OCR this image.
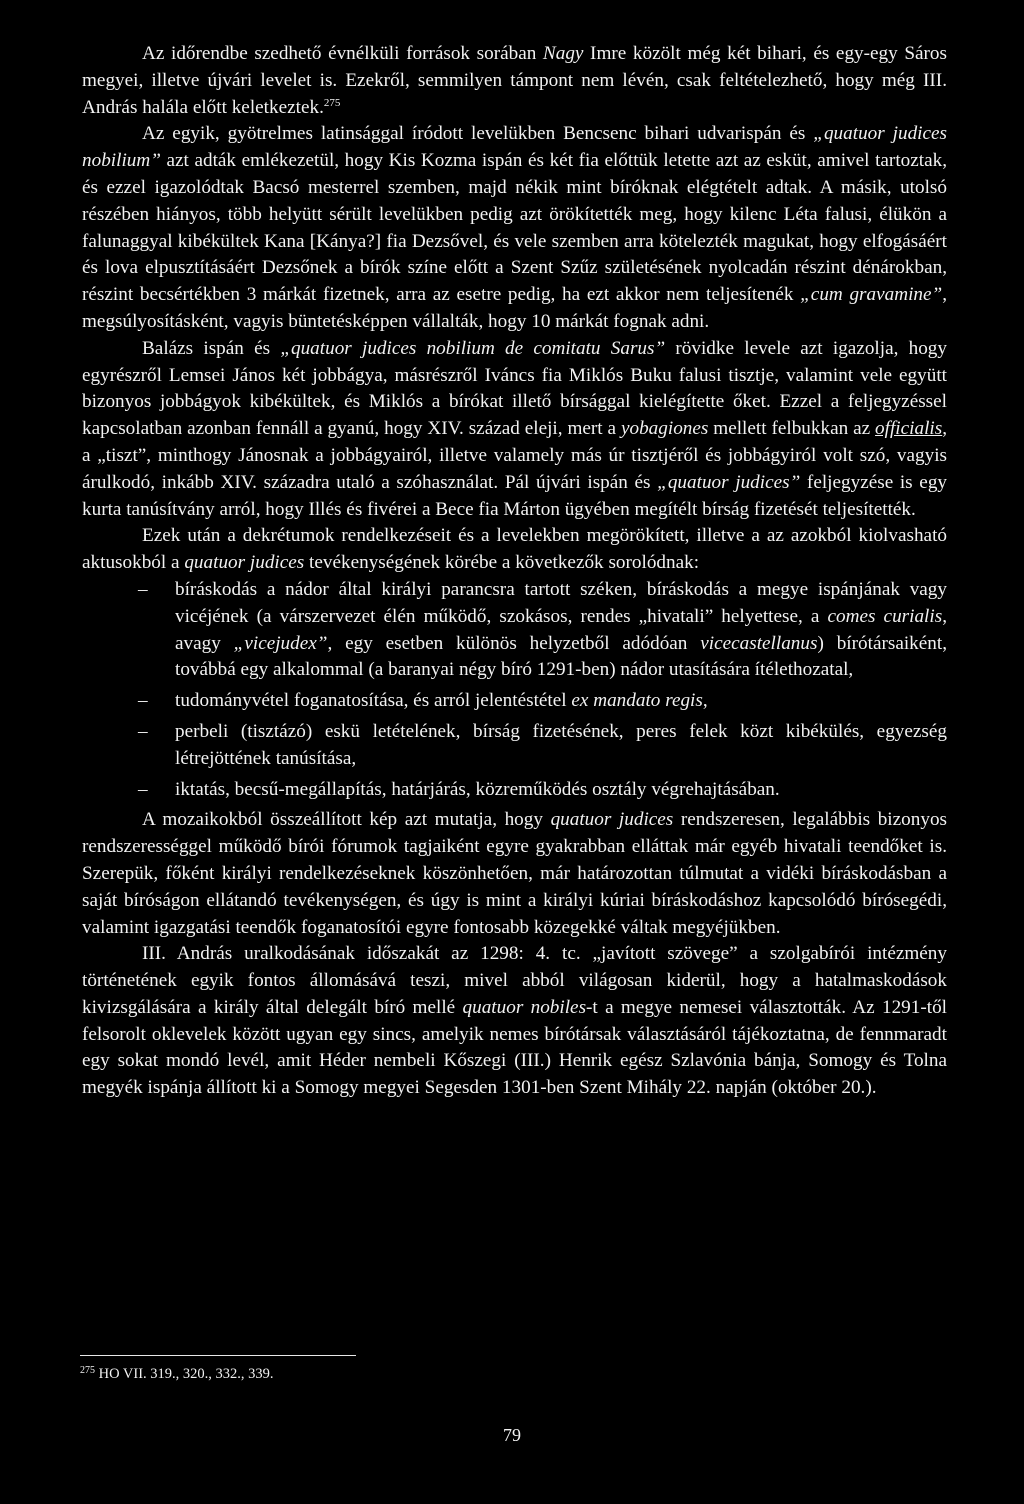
Az időrendbe szedhető évnélküli források sorában Nagy Imre közölt még két bihari, és egy-egy Sáros megyei, illetve újvári levelet is. Ezekről, semmilyen támpont nem lévén, csak feltételezhető, hogy még III. András halála előtt keletkeztek.$^{275}$

Az egyik, gyötrelmes latinsággal íródott levelükben Bencsenc bihari udvarispán és „quatuor judices nobilium” azt adták emlékezetül, hogy Kis Kozma ispán és két fia előttük letette azt az esküt, amivel tartoztak, és ezzel igazolódtak Bacsó mesterrel szemben, majd nékik mint bíróknak elégtételt adtak. A másik, utolsó részében hiányos, több helyütt sérült levelükben pedig azt örökítették meg, hogy kilenc Léta falusi, élükön a falunaggyal kibékültek Kana [Kánya?] fia Dezsővel, és vele szemben arra kötelezték magukat, hogy elfogásáért és lova elpusztításáért Dezsőnek a bírók színe előtt a Szent Szűz születésének nyolcadán részint dénárokban, részint becsértékben 3 márkát fizetnek, arra az esetre pedig, ha ezt akkor nem teljesítenék „cum gravamine”, megsúlyosításként, vagyis büntetésképpen vállalták, hogy 10 márkát fognak adni.

Balázs ispán és „quatuor judices nobilium de comitatu Sarus” rövidke levele azt igazolja, hogy egyrészről Lemsei János két jobbágya, másrészről Iváncs fia Miklós Buku falusi tisztje, valamint vele együtt bizonyos jobbágyok kibékültek, és Miklós a bírókat illető bírsággal kielégítette őket. Ezzel a feljegyzéssel kapcsolatban azonban fennáll a gyanú, hogy XIV. század eleji, mert a yobagiones mellett felbukkan az officialis, a „tiszt”, minthogy Jánosnak a jobbágyairól, illetve valamely más úr tisztjéről és jobbágyiról volt szó, vagyis árulkodó, inkább XIV. századra utaló a szóhasználat. Pál újvári ispán és „quatuor judices” feljegyzése is egy kurta tanúsítvány arról, hogy Illés és fivérei a Bece fia Márton ügyében megítélt bírság fizetését teljesítették.

Ezek után a dekrétumok rendelkezéseit és a levelekben megörökített, illetve a az azokból kiolvasható aktusokból a quatuor judices tevékenységének körébe a következők sorolódnak:

– bíráskodás a nádor által királyi parancsra tartott széken, bíráskodás a megye ispánjának vagy vicéjének (a várszervezet élén működő, szokásos, rendes „hivatali” helyettese, a comes curialis, avagy „vicejudex”, egy esetben különös helyzetből adódóan vicecastellanus) bírótársaiként, továbbá egy alkalommal (a baranyai négy bíró 1291-ben) nádor utasítására ítélethozatal,
– tudományvétel foganatosítása, és arról jelentéstétel ex mandato regis,
– perbeli (tisztázó) eskü letételének, bírság fizetésének, peres felek közt kibékülés, egyezség létrejöttének tanúsítása,
– iktatás, becsű-megállapítás, határjárás, közreműködés osztály végrehajtásában.

A mozaikokból összeállított kép azt mutatja, hogy quatuor judices rendszeresen, legalábbis bizonyos rendszerességgel működő bírói fórumok tagjaiként egyre gyakrabban elláttak már egyéb hivatali teendőket is. Szerepük, főként királyi rendelkezéseknek köszönhetően, már határozottan túlmutat a vidéki bíráskodásban a saját bíróságon ellátandó tevékenységen, és úgy is mint a királyi kúriai bíráskodáshoz kapcsolódó bírósegédi, valamint igazgatási teendők foganatosítói egyre fontosabb közegekké váltak megyéjükben.

III. András uralkodásának időszakát az 1298: 4. tc. „javított szövege” a szolgabírói intézmény történetének egyik fontos állomásává teszi, mivel abból világosan kiderül, hogy a hatalmaskodások kivizsgálására a király által delegált bíró mellé quatuor nobiles-t a megye nemesei választották. Az 1291-től felsorolt oklevelek között ugyan egy sincs, amelyik nemes bírótársak választásáról tájékoztatna, de fennmaradt egy sokat mondó levél, amit Héder nembeli Kőszegi (III.) Henrik egész Szlavónia bánja, Somogy és Tolna megyék ispánja állított ki a Somogy megyei Segesden 1301-ben Szent Mihály 22. napján (október 20.).

$^{275}$ HO VII. 319., 320., 332., 339.
79
